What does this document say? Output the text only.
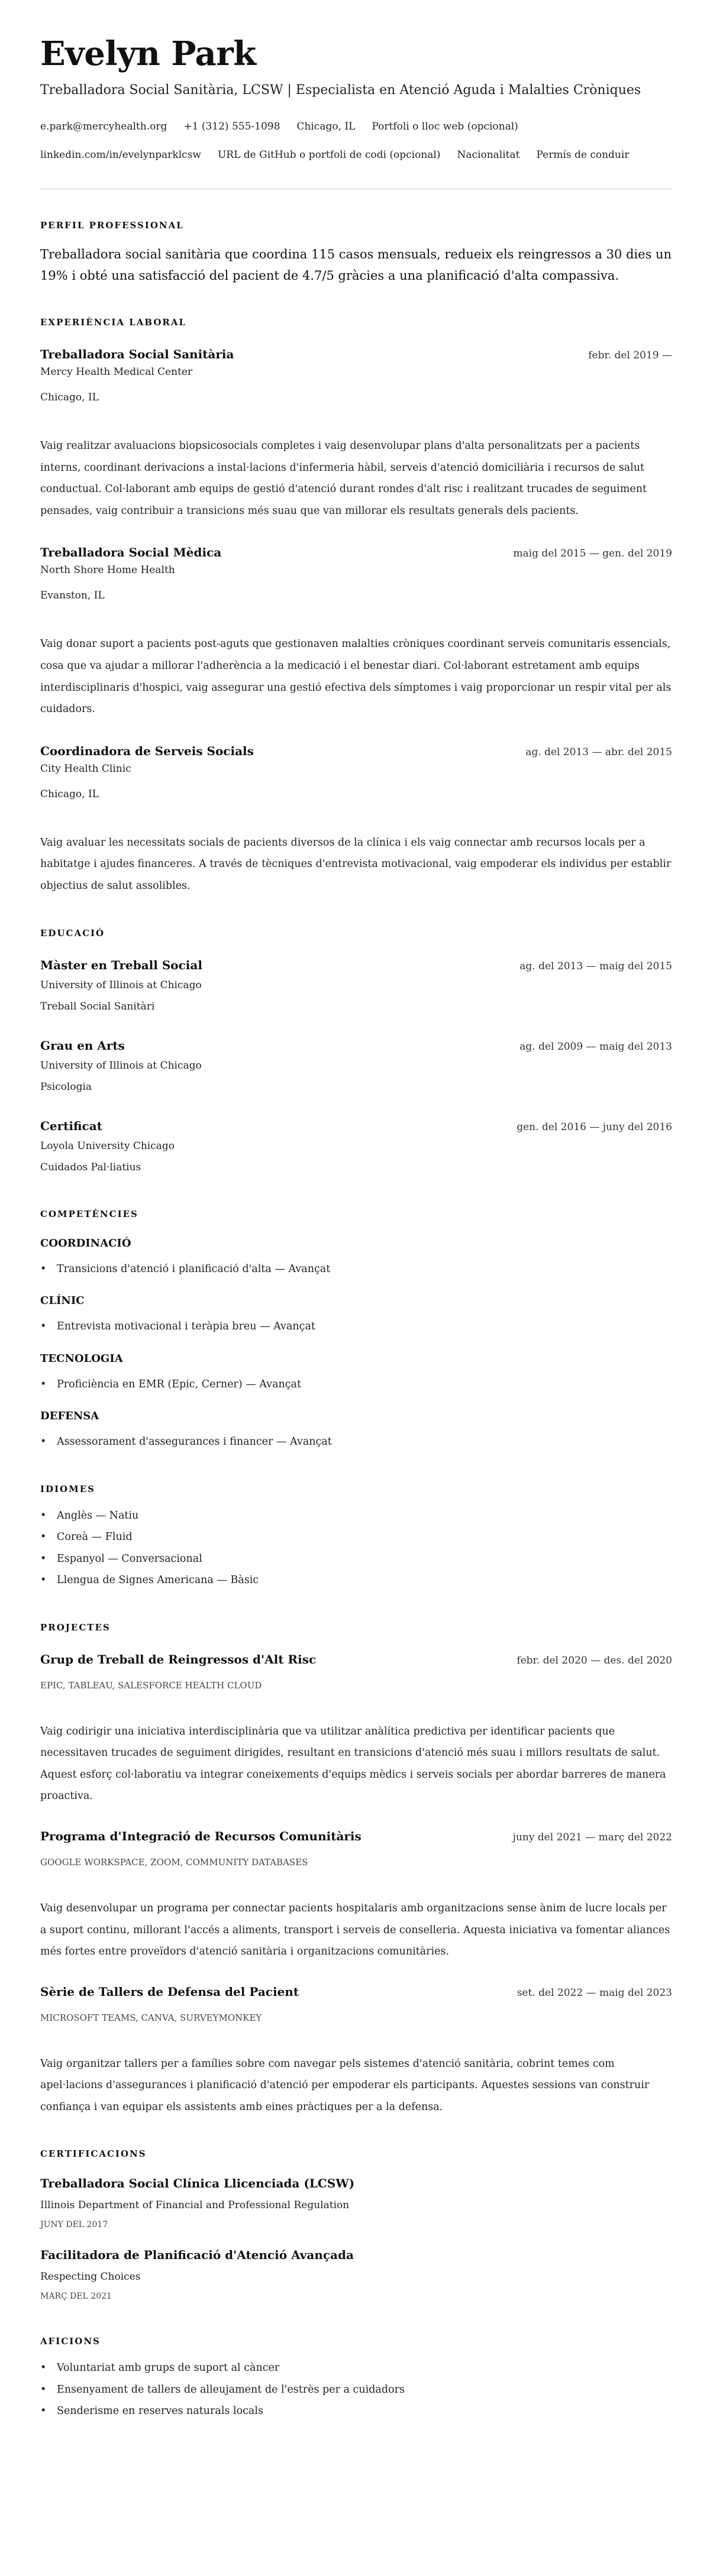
Evelyn Park
Treballadora Social Sanitària, LCSW | Especialista en Atenció Aguda i Malalties Cròniques
e.park@mercyhealth.org +1 (312) 555-1098 Chicago, IL Portfoli o lloc web (opcional)
linkedin.com/in/evelynparklcsw URL de GitHub o portfoli de codi (opcional) Nacionalitat Permís de conduir
PERFIL PROFESSIONAL

Treballadora social sanitària que coordina 115 casos mensuals, redueix els reingressos a 30 dies un 19% i obté una satisfacció del pacient de 4.7/5 gràcies a una planificació d'alta compassiva.

EXPERIÈNCIA LABORAL
Treballadora Social Sanitària	febr. del 2019 —
Mercy Health Medical Center
Chicago, IL

Vaig realitzar avaluacions biopsicosocials completes i vaig desenvolupar plans d'alta personalitzats per a pacients interns, coordinant derivacions a instal·lacions d'infermeria hàbil, serveis d'atenció domiciliària i recursos de salut conductual. Col·laborant amb equips de gestió d'atenció durant rondes d'alt risc i realitzant trucades de seguiment pensades, vaig contribuir a transicions més suau que van millorar els resultats generals dels pacients.

Treballadora Social Mèdica	maig del 2015 — gen. del 2019
North Shore Home Health
Evanston, IL

Vaig donar suport a pacients post-aguts que gestionaven malalties cròniques coordinant serveis comunitaris essencials, cosa que va ajudar a millorar l'adherència a la medicació i el benestar diari. Col·laborant estretament amb equips interdisciplinaris d'hospici, vaig assegurar una gestió efectiva dels símptomes i vaig proporcionar un respir vital per als cuidadors.

Coordinadora de Serveis Socials	ag. del 2013 — abr. del 2015
City Health Clinic
Chicago, IL

Vaig avaluar les necessitats socials de pacients diversos de la clínica i els vaig connectar amb recursos locals per a habitatge i ajudes financeres. A través de tècniques d'entrevista motivacional, vaig empoderar els individus per establir objectius de salut assolibles.

EDUCACIÓ
Màster en Treball Social	ag. del 2013 — maig del 2015
University of Illinois at Chicago
Treball Social Sanitàri
Grau en Arts	ag. del 2009 — maig del 2013
University of Illinois at Chicago
Psicologia
Certificat	gen. del 2016 — juny del 2016
Loyola University Chicago
Cuidados Pal·liatius
COMPETÈNCIES
COORDINACIÓ
• Transicions d'atenció i planificació d'alta — Avançat
CLÍNIC
• Entrevista motivacional i teràpia breu — Avançat
TECNOLOGIA
• Proficiència en EMR (Epic, Cerner) — Avançat
DEFENSA
• Assessorament d'assegurances i financer — Avançat
IDIOMES
• Anglès — Natiu
• Coreà — Fluid
• Espanyol — Conversacional
• Llengua de Signes Americana — Bàsic
PROJECTES
Grup de Treball de Reingressos d'Alt Risc	febr. del 2020 — des. del 2020
EPIC, TABLEAU, SALESFORCE HEALTH CLOUD

Vaig codirigir una iniciativa interdisciplinària que va utilitzar anàlítica predictiva per identificar pacients que necessitaven trucades de seguiment dirigides, resultant en transicions d'atenció més suau i millors resultats de salut. Aquest esforç col·laboratiu va integrar coneixements d'equips mèdics i serveis socials per abordar barreres de manera proactiva.

Programa d'Integració de Recursos Comunitàris	juny del 2021 — març del 2022
GOOGLE WORKSPACE, ZOOM, COMMUNITY DATABASES

Vaig desenvolupar un programa per connectar pacients hospitalaris amb organitzacions sense ànim de lucre locals per a suport continu, millorant l'accés a aliments, transport i serveis de conselleria. Aquesta iniciativa va fomentar aliances més fortes entre proveïdors d'atenció sanitària i organitzacions comunitàries.

Sèrie de Tallers de Defensa del Pacient	set. del 2022 — maig del 2023
MICROSOFT TEAMS, CANVA, SURVEYMONKEY

Vaig organitzar tallers per a famílies sobre com navegar pels sistemes d'atenció sanitària, cobrint temes com apel·lacions d'assegurances i planificació d'atenció per empoderar els participants. Aquestes sessions van construir confiança i van equipar els assistents amb eines pràctiques per a la defensa.

CERTIFICACIONS
Treballadora Social Clínica Llicenciada (LCSW)
Illinois Department of Financial and Professional Regulation
JUNY DEL 2017
Facilitadora de Planificació d'Atenció Avançada
Respecting Choices
MARÇ DEL 2021
AFICIONS
• Voluntariat amb grups de suport al càncer
• Ensenyament de tallers de alleujament de l'estrès per a cuidadors
• Senderisme en reserves naturals locals
